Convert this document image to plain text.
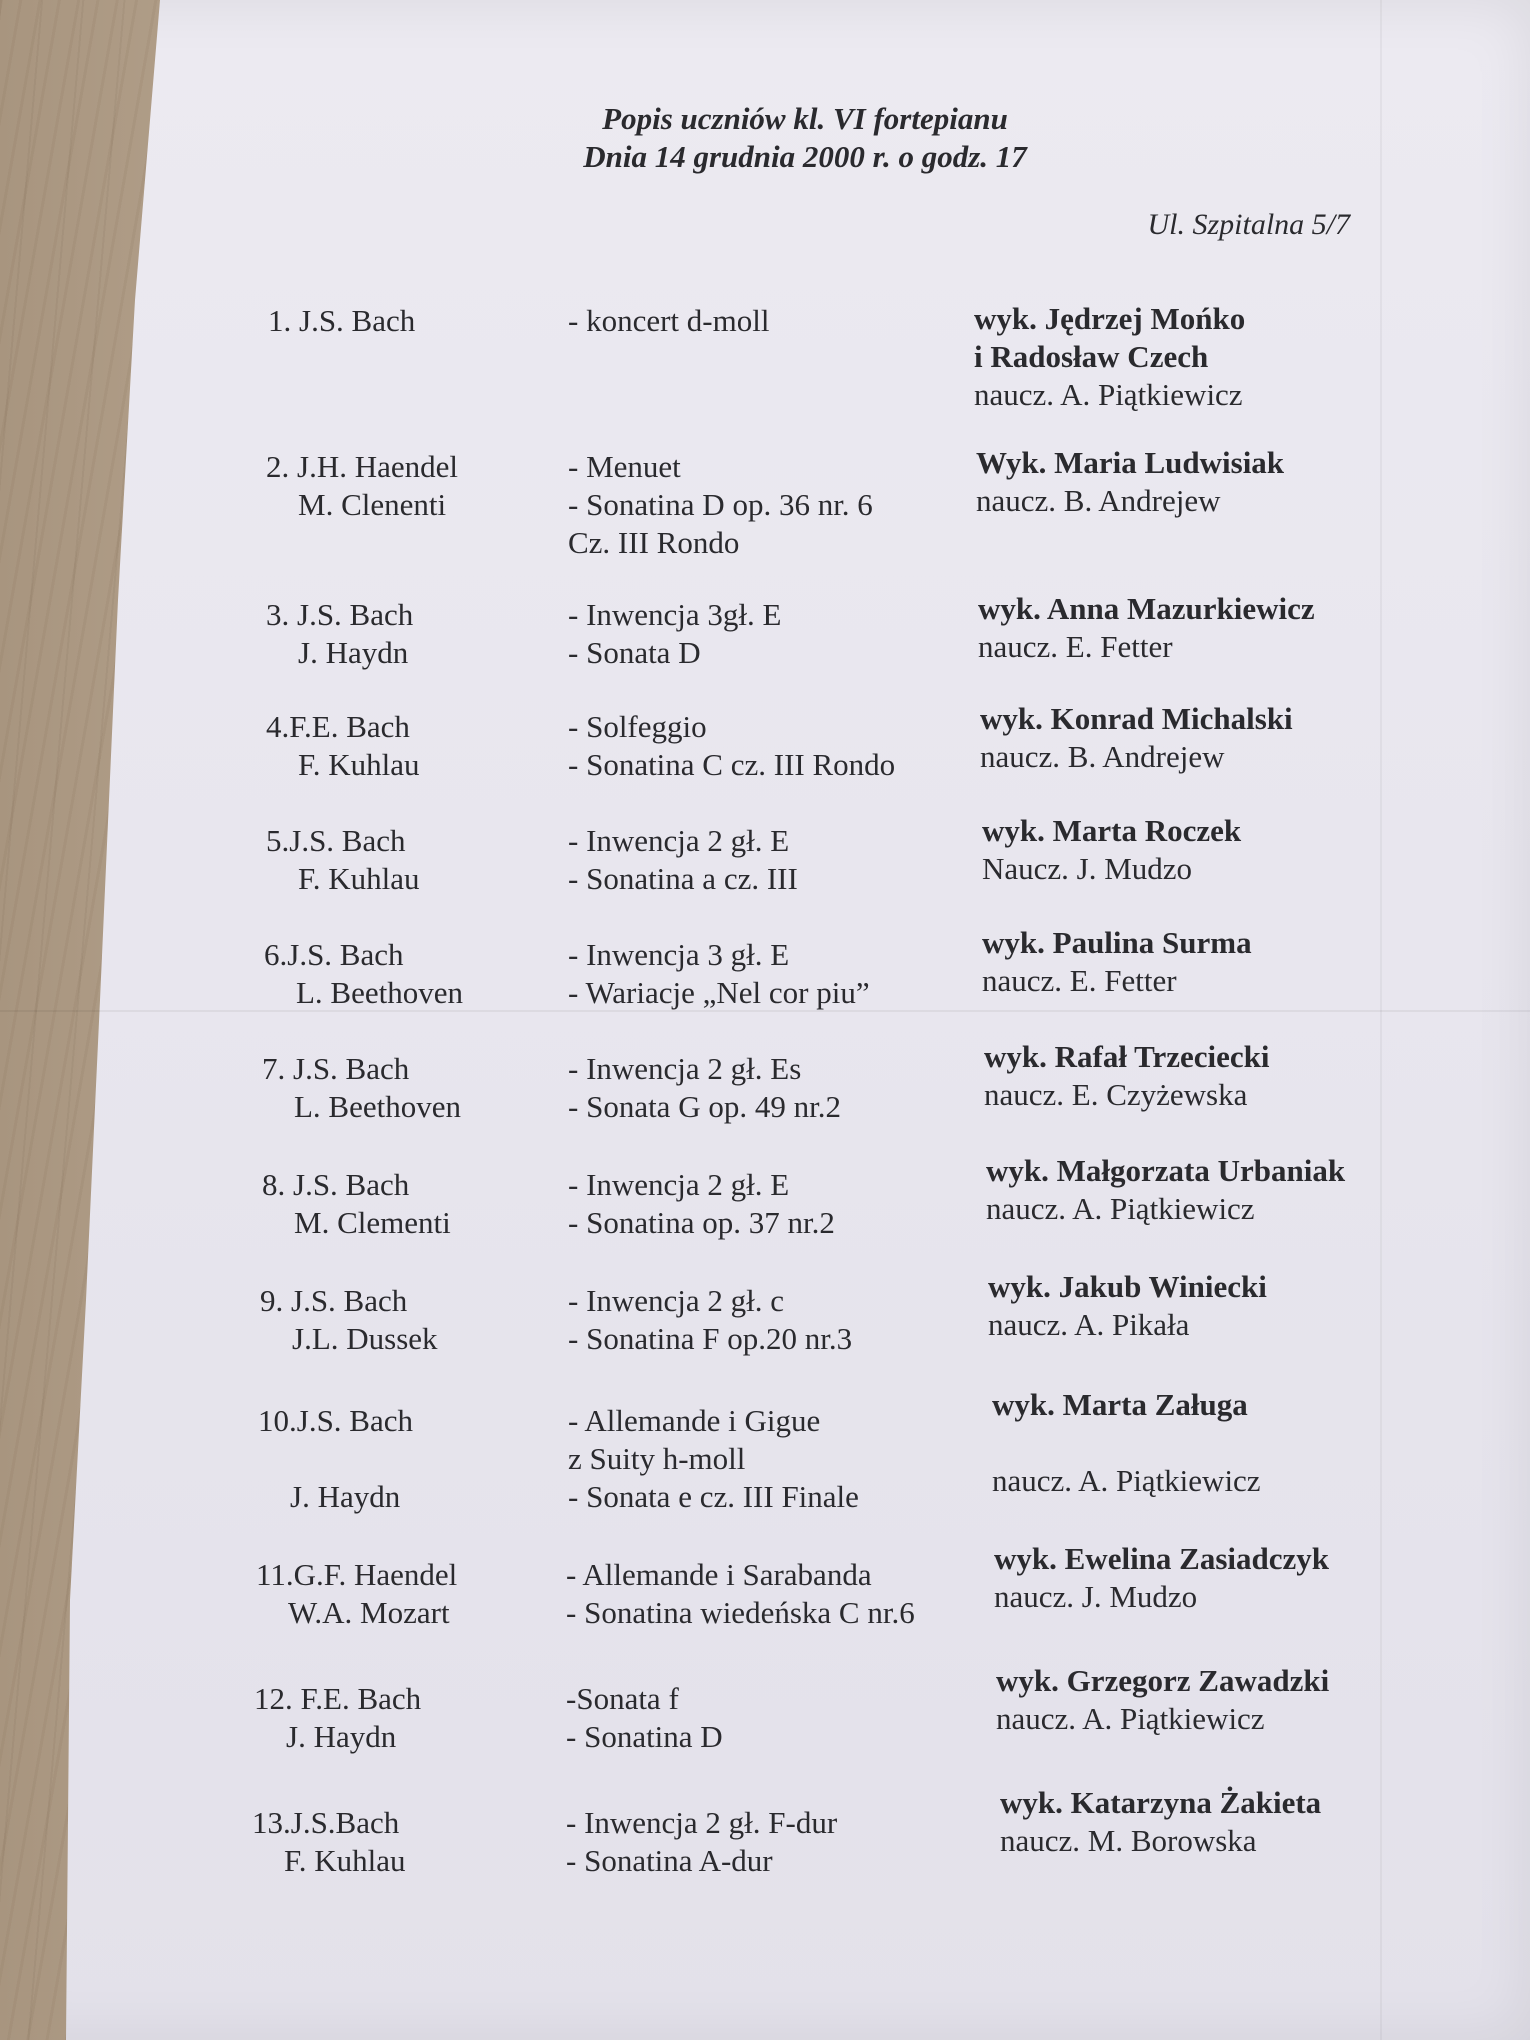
Popis uczniów kl. VI fortepianu
Dnia 14 grudnia 2000 r. o godz. 17
Ul. Szpitalna 5/7
1. J.S. Bach	- koncert d-moll	wyk. Jędrzej Mońko
i Radosław Czech
naucz. A. Piątkiewicz
2. J.H. Haendel
M. Clenenti
- Menuet
- Sonatina D op. 36 nr. 6
Cz. III Rondo
Wyk. Maria Ludwisiak
naucz. B. Andrejew
3. J.S. Bach
J. Haydn
- Inwencja 3gł. E
- Sonata D
wyk. Anna Mazurkiewicz
naucz. E. Fetter
4.F.E. Bach
F. Kuhlau
- Solfeggio
- Sonatina C cz. III Rondo
wyk. Konrad Michalski
naucz. B. Andrejew
5.J.S. Bach
F. Kuhlau
- Inwencja 2 gł. E
- Sonatina a cz. III
wyk. Marta Roczek
Naucz. J. Mudzo
6.J.S. Bach
L. Beethoven
- Inwencja 3 gł. E
- Wariacje „Nel cor piu”
wyk. Paulina Surma
naucz. E. Fetter
7. J.S. Bach
L. Beethoven
- Inwencja 2 gł. Es
- Sonata G op. 49 nr.2
wyk. Rafał Trzeciecki
naucz. E. Czyżewska
8. J.S. Bach
M. Clementi
- Inwencja 2 gł. E
- Sonatina op. 37 nr.2
wyk. Małgorzata Urbaniak
naucz. A. Piątkiewicz
9. J.S. Bach
J.L. Dussek
- Inwencja 2 gł. c
- Sonatina F op.20 nr.3
wyk. Jakub Winiecki
naucz. A. Pikała
10.J.S. Bach
J. Haydn
- Allemande i Gigue
z Suity h-moll
- Sonata e cz. III Finale
wyk. Marta Załuga
naucz. A. Piątkiewicz
11.G.F. Haendel
W.A. Mozart
- Allemande i Sarabanda
- Sonatina wiedeńska C nr.6
wyk. Ewelina Zasiadczyk
naucz. J. Mudzo
12. F.E. Bach
J. Haydn
-Sonata f
- Sonatina D
wyk. Grzegorz Zawadzki
naucz. A. Piątkiewicz
13.J.S.Bach
F. Kuhlau
- Inwencja 2 gł. F-dur
- Sonatina A-dur
wyk. Katarzyna Żakieta
naucz. M. Borowska
